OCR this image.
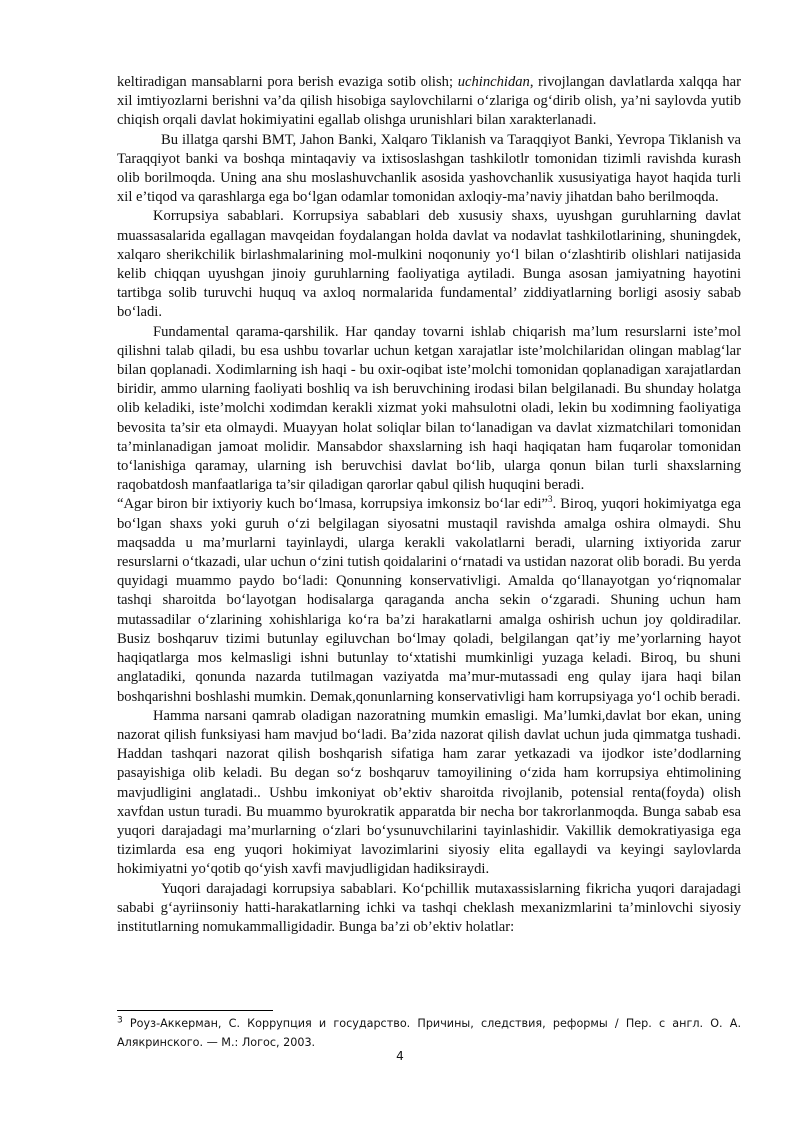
keltiradigan mansablarni pora berish evaziga sotib olish; uchinchidan, rivojlangan davlatlarda xalqqa har xil imtiyozlarni berishni va’da qilish hisobiga saylovchilarni o‘zlariga og‘dirib olish, ya’ni saylovda yutib chiqish orqali davlat hokimiyatini egallab olishga urunishlari bilan xarakterlanadi.

Bu illatga qarshi BMT, Jahon Banki, Xalqaro Tiklanish va Taraqqiyot Banki, Yevropa Tiklanish va Taraqqiyot banki va boshqa mintaqaviy va ixtisoslashgan tashkilotlr tomonidan tizimli ravishda kurash olib borilmoqda. Uning ana shu moslashuvchanlik asosida yashovchanlik xususiyatiga hayot haqida turli xil e’tiqod va qarashlarga ega bo‘lgan odamlar tomonidan axloqiy-ma’naviy jihatdan baho berilmoqda.

Korrupsiya sabablari. Korrupsiya sabablari deb xususiy shaxs, uyushgan guruhlarning davlat muassasalarida egallagan mavqeidan foydalangan holda davlat va nodavlat tashkilotlarining, shuningdek, xalqaro sherikchilik birlashmalarining mol-mulkini noqonuniy yo‘l bilan o‘zlashtirib olishlari natijasida kelib chiqqan uyushgan jinoiy guruhlarning faoliyatiga aytiladi. Bunga asosan jamiyatning hayotini tartibga solib turuvchi huquq va axloq normalarida fundamental’ ziddiyatlarning borligi asosiy sabab bo‘ladi.

Fundamental qarama-qarshilik. Har qanday tovarni ishlab chiqarish ma’lum resurslarni iste’mol qilishni talab qiladi, bu esa ushbu tovarlar uchun ketgan xarajatlar iste’molchilaridan olingan mablag‘lar bilan qoplanadi. Xodimlarning ish haqi - bu oxir-oqibat iste’molchi tomonidan qoplanadigan xarajatlardan biridir, ammo ularning faoliyati boshliq va ish beruvchining irodasi bilan belgilanadi. Bu shunday holatga olib keladiki, iste’molchi xodimdan kerakli xizmat yoki mahsulotni oladi, lekin bu xodimning faoliyatiga bevosita ta’sir eta olmaydi. Muayyan holat soliqlar bilan to‘lanadigan va davlat xizmatchilari tomonidan ta’minlanadigan jamoat molidir. Mansabdor shaxslarning ish haqi haqiqatan ham fuqarolar tomonidan to‘lanishiga qaramay, ularning ish beruvchisi davlat bo‘lib, ularga qonun bilan turli shaxslarning raqobatdosh manfaatlariga ta’sir qiladigan qarorlar qabul qilish huquqini beradi.

“Agar biron bir ixtiyoriy kuch bo‘lmasa, korrupsiya imkonsiz bo‘lar edi”$^3$. Biroq, yuqori hokimiyatga ega bo‘lgan shaxs yoki guruh o‘zi belgilagan siyosatni mustaqil ravishda amalga oshira olmaydi. Shu maqsadda u ma’murlarni tayinlaydi, ularga kerakli vakolatlarni beradi, ularning ixtiyorida zarur resurslarni o‘tkazadi, ular uchun o‘zini tutish qoidalarini o‘rnatadi va ustidan nazorat olib boradi. Bu yerda quyidagi muammo paydo bo‘ladi: Qonunning konservativligi. Amalda qo‘llanayotgan yo‘riqnomalar tashqi sharoitda bo‘layotgan hodisalarga qaraganda ancha sekin o‘zgaradi. Shuning uchun ham mutassadilar o‘zlarining xohishlariga ko‘ra ba’zi harakatlarni amalga oshirish uchun joy qoldiradilar. Busiz boshqaruv tizimi butunlay egiluvchan bo‘lmay qoladi, belgilangan qat’iy me’yorlarning hayot haqiqatlarga mos kelmasligi ishni butunlay to‘xtatishi mumkinligi yuzaga keladi. Biroq, bu shuni anglatadiki, qonunda nazarda tutilmagan vaziyatda ma’mur-mutassadi eng qulay ijara haqi bilan boshqarishni boshlashi mumkin. Demak,qonunlarning konservativligi ham korrupsiyaga yo‘l ochib beradi.

Hamma narsani qamrab oladigan nazoratning mumkin emasligi. Ma’lumki,davlat bor ekan, uning nazorat qilish funksiyasi ham mavjud bo‘ladi. Ba’zida nazorat qilish davlat uchun juda qimmatga tushadi. Haddan tashqari nazorat qilish boshqarish sifatiga ham zarar yetkazadi va ijodkor iste’dodlarning pasayishiga olib keladi. Bu degan so‘z boshqaruv tamoyilining o‘zida ham korrupsiya ehtimolining mavjudligini anglatadi.. Ushbu imkoniyat ob’ektiv sharoitda rivojlanib, potensial renta(foyda) olish xavfdan ustun turadi. Bu muammo byurokratik apparatda bir necha bor takrorlanmoqda. Bunga sabab esa yuqori darajadagi ma’murlarning o‘zlari bo‘ysunuvchilarini tayinlashidir. Vakillik demokratiyasiga ega tizimlarda esa eng yuqori hokimiyat lavozimlarini siyosiy elita egallaydi va keyingi saylovlarda hokimiyatni yo‘qotib qo‘yish xavfi mavjudligidan hadiksiraydi.

Yuqori darajadagi korrupsiya sabablari. Ko‘pchillik mutaxassislarning fikricha yuqori darajadagi sababi g‘ayriinsoniy hatti-harakatlarning ichki va tashqi cheklash mexanizmlarini ta’minlovchi siyosiy institutlarning nomukammalligidadir. Bunga ba’zi ob’ektiv holatlar:

$^3$ Роуз-Аккерман, С. Коррупция и государство. Причины, следствия, реформы / Пер. с англ. О. А. Алякринского. — М.: Логос, 2003.
4
